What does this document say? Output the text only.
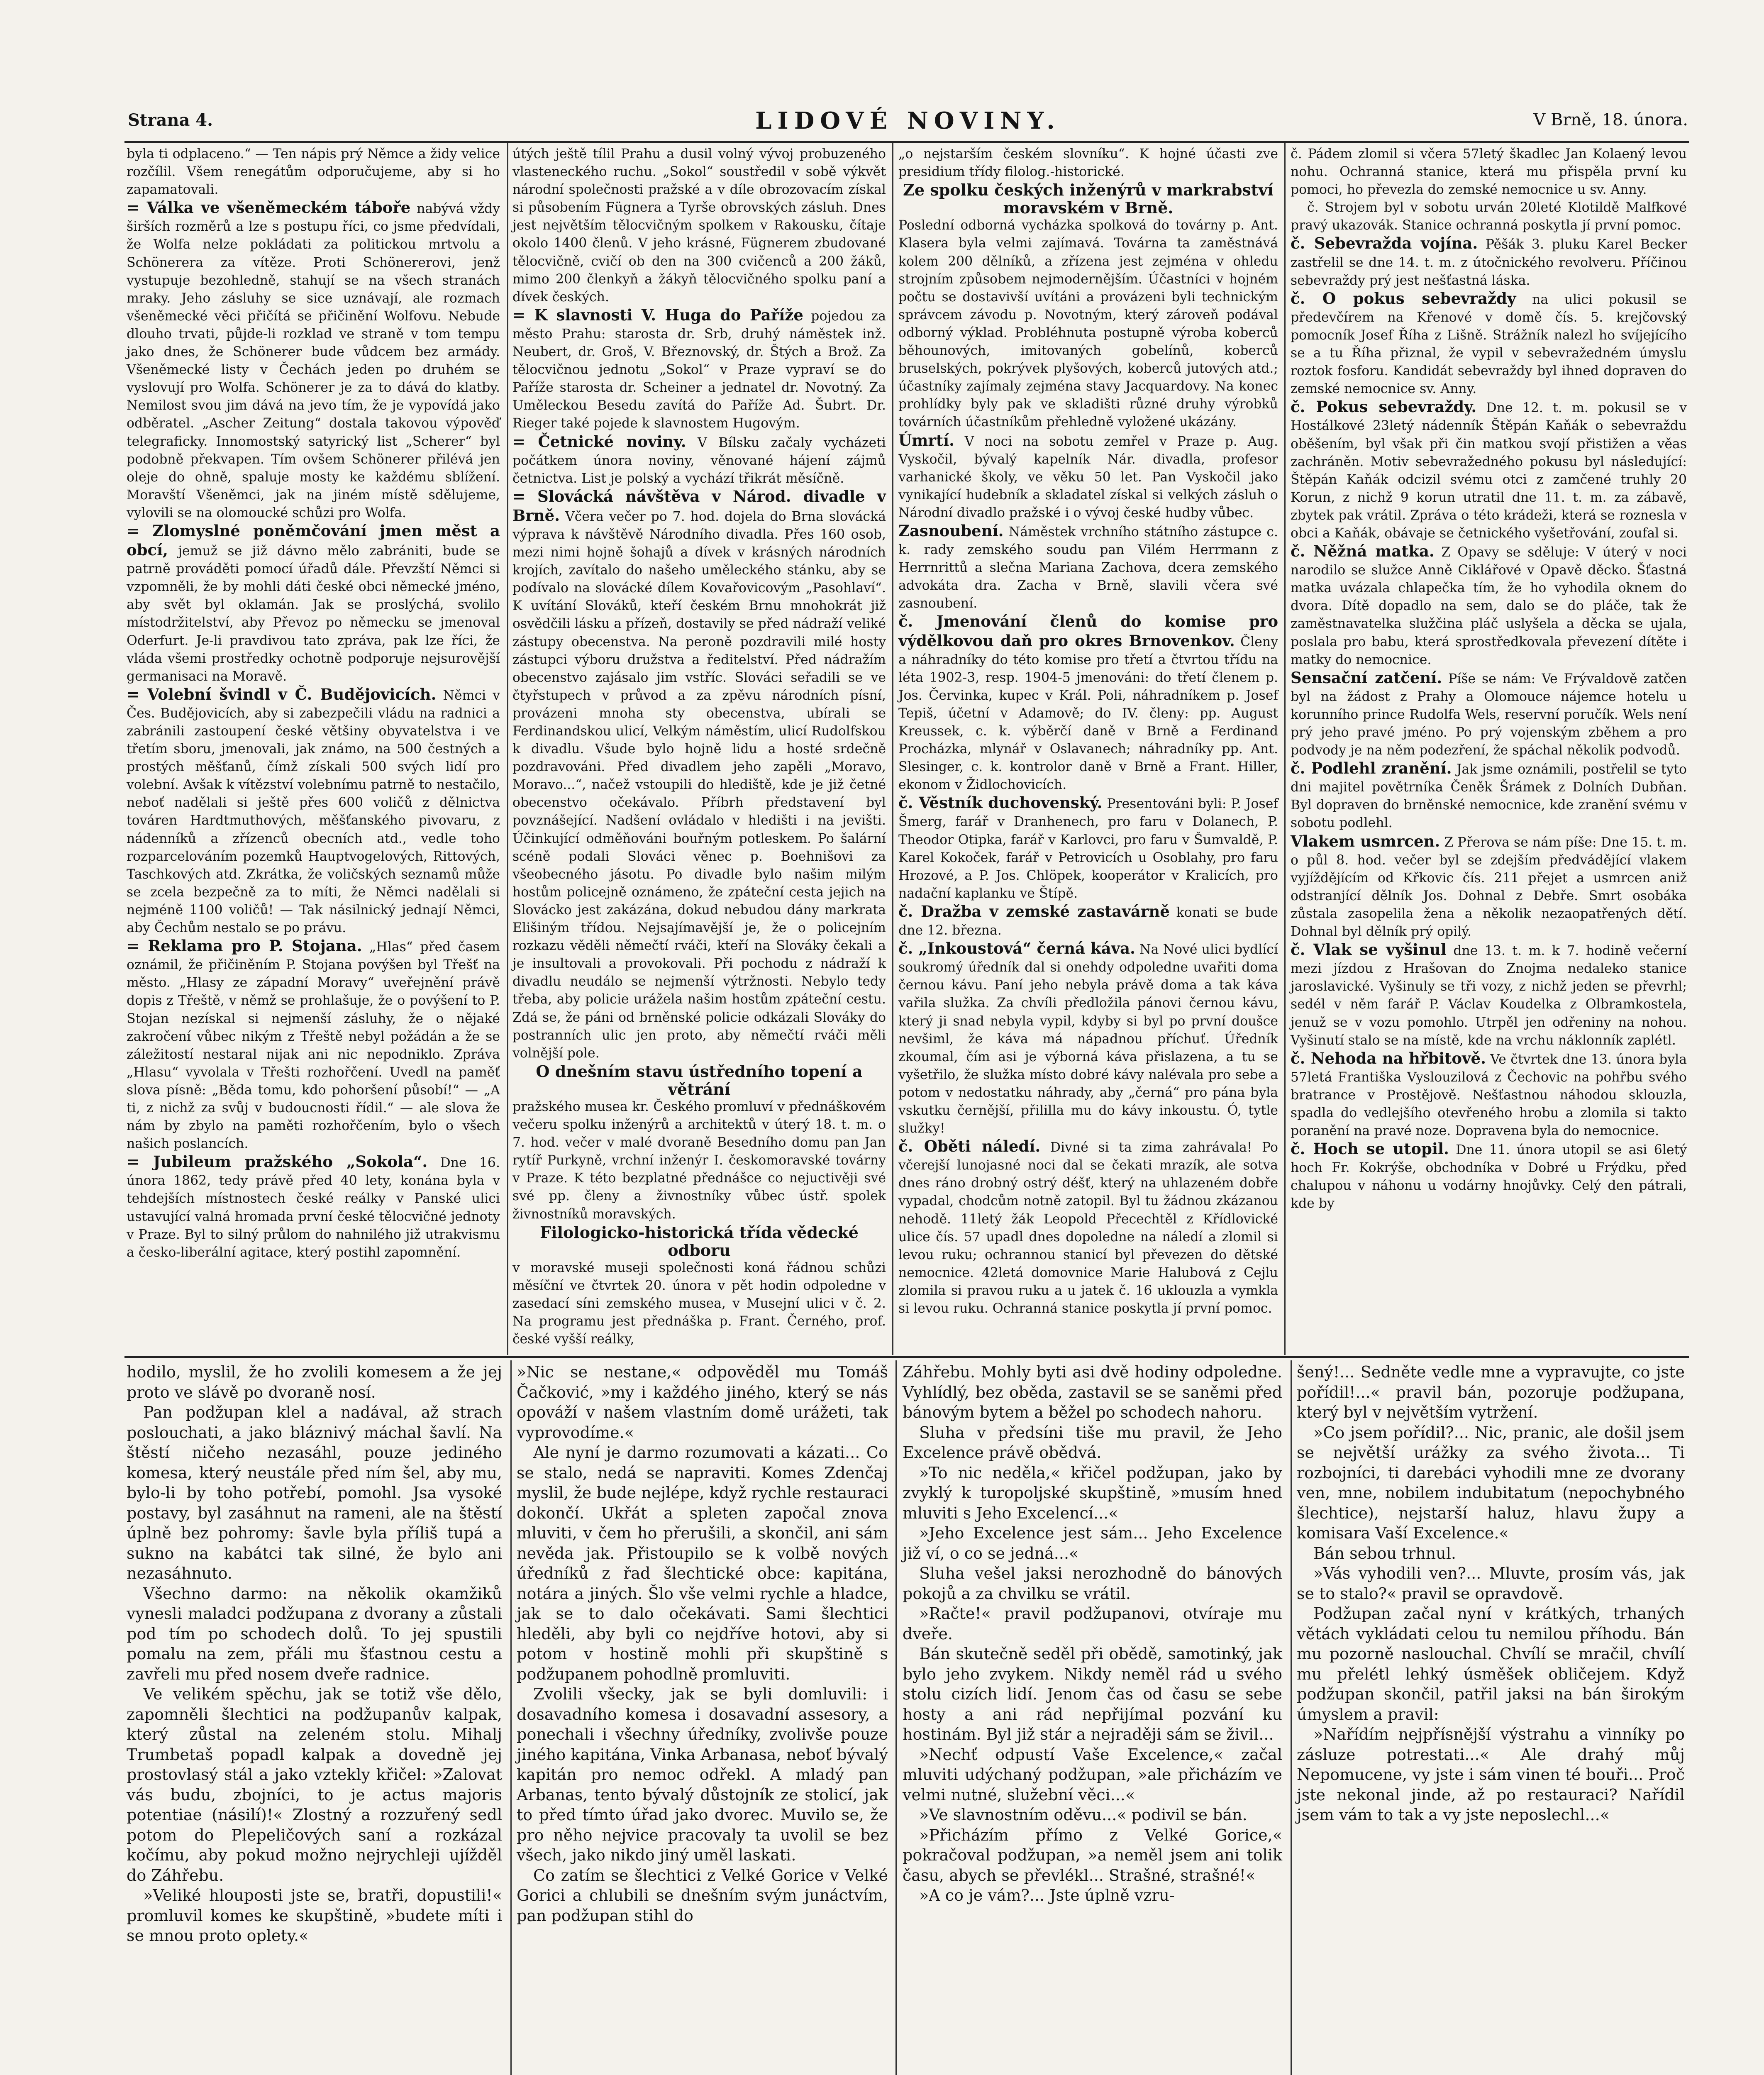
Strana 4.	LIDOVÉ NOVINY.	V Brně, 18. února.

byla ti odplaceno.“ — Ten nápis prý Němce a židy velice rozčílil. Všem renegátům odporučujeme, aby si ho zapamatovali.

= Válka ve všeněmeckém táboře nabývá vždy širších rozměrů a lze s postupu říci, co jsme předvídali, že Wolfa nelze pokládati za politickou mrtvolu a Schönerera za vítěze. Proti Schönererovi, jenž vystupuje bezohledně, stahují se na všech stranách mraky. Jeho zásluhy se sice uznávají, ale rozmach všeněmecké věci přičítá se přičinění Wolfovu. Nebude dlouho trvati, půjde-li rozklad ve straně v tom tempu jako dnes, že Schönerer bude vůdcem bez armády. Všeněmecké listy v Čechách jeden po druhém se vyslovují pro Wolfa. Schönerer je za to dává do klatby. Nemilost svou jim dává na jevo tím, že je vypovídá jako odběratel. „Ascher Zeitung“ dostala takovou výpověď telegraficky. Innomostský satyrický list „Scherer“ byl podobně překvapen. Tím ovšem Schönerer přilévá jen oleje do ohně, spaluje mosty ke každému sblížení. Moravští Všeněmci, jak na jiném místě sdělujeme, vylovili se na olomoucké schůzi pro Wolfa.

= Zlomyslné poněmčování jmen měst a obcí, jemuž se již dávno mělo zabrániti, bude se patrně prováděti pomocí úřadů dále. Převzští Němci si vzpomněli, že by mohli dáti české obci německé jméno, aby svět byl oklamán. Jak se proslýchá, svolilo místodržitelství, aby Převoz po německu se jmenoval Oderfurt. Je-li pravdivou tato zpráva, pak lze říci, že vláda všemi prostředky ochotně podporuje nejsurovější germanisaci na Moravě.

= Volební švindl v Č. Budějovicích. Němci v Čes. Budějovicích, aby si zabezpečili vládu na radnici a zabránili zastoupení české většiny obyvatelstva i ve třetím sboru, jmenovali, jak známo, na 500 čestných a prostých měšťanů, čímž získali 500 svých lidí pro volební. Avšak k vítězství volebnímu patrně to nestačilo, neboť nadělali si ještě přes 600 voličů z dělnictva továren Hardtmuthových, měšťanského pivovaru, z nádenníků a zřízenců obecních atd., vedle toho rozparcelováním pozemků Hauptvogelových, Rittových, Taschkových atd. Zkrátka, že voličských seznamů může se zcela bezpečně za to míti, že Němci nadělali si nejméně 1100 voličů! — Tak násilnický jednají Němci, aby Čechům nestalo se po právu.

= Reklama pro P. Stojana. „Hlas“ před časem oznámil, že přičiněním P. Stojana povýšen byl Třešť na město. „Hlasy ze západní Moravy“ uveřejnění právě dopis z Třeště, v němž se prohlašuje, že o povýšení to P. Stojan nezískal si nejmenší zásluhy, že o nějaké zakročení vůbec nikým z Třeště nebyl požádán a že se záležitostí nestaral nijak ani nic nepodniklo. Zpráva „Hlasu“ vyvolala v Třešti rozhořčení. Uvedl na paměť slova písně: „Běda tomu, kdo pohoršení působí!“ — „A ti, z nichž za svůj v budoucnosti řídil.“ — ale slova že nám by zbylo na paměti rozhořčením, bylo o všech našich poslancích.

= Jubileum pražského „Sokola“. Dne 16. února 1862, tedy právě před 40 lety, konána byla v tehdejších místnostech české reálky v Panské ulici ustavující valná hromada první české tělocvičné jednoty v Praze. Byl to silný průlom do nahnilého již utrakvismu a česko-liberální agitace, který postihl zapomnění.

útých ještě tílil Prahu a dusil volný vývoj probuzeného vlasteneckého ruchu. „Sokol“ soustředil v sobě výkvět národní společnosti pražské a v díle obrozovacím získal si působením Fügnera a Tyrše obrovských zásluh. Dnes jest největším tělocvičným spolkem v Rakousku, čítaje okolo 1400 členů. V jeho krásné, Fügnerem zbudované tělocvičně, cvičí ob den na 300 cvičenců a 200 žáků, mimo 200 členkyň a žákyň tělocvičného spolku paní a dívek českých.

= K slavnosti V. Huga do Paříže pojedou za město Prahu: starosta dr. Srb, druhý náměstek inž. Neubert, dr. Groš, V. Březnovský, dr. Štých a Brož. Za tělocvičnou jednotu „Sokol“ v Praze vypraví se do Paříže starosta dr. Scheiner a jednatel dr. Novotný. Za Uměleckou Besedu zavítá do Paříže Ad. Šubrt. Dr. Rieger také pojede k slavnostem Hugovým.

= Četnické noviny. V Bílsku začaly vycházeti počátkem února noviny, věnované hájení zájmů četnictva. List je polský a vychází třikrát měsíčně.

= Slovácká návštěva v Národ. divadle v Brně. Včera večer po 7. hod. dojela do Brna slovácká výprava k návštěvě Národního divadla. Přes 160 osob, mezi nimi hojně šohajů a dívek v krásných národních krojích, zavítalo do našeho uměleckého stánku, aby se podívalo na slovácké dílem Kovařovicovým „Pasohlaví“. K uvítání Slováků, kteří českém Brnu mnohokrát již osvědčili lásku a přízeň, dostavily se před nádraží veliké zástupy obecenstva. Na peroně pozdravili milé hosty zástupci výboru družstva a ředitelství. Před nádražím obecenstvo zajásalo jim vstříc. Slováci seřadili se ve čtyřstupech v průvod a za zpěvu národních písní, provázeni mnoha sty obecenstva, ubírali se Ferdinandskou ulicí, Velkým náměstím, ulicí Rudolfskou k divadlu. Všude bylo hojně lidu a hosté srdečně pozdravováni. Před divadlem jeho zapěli „Moravo, Moravo...“, načež vstoupili do hlediště, kde je již četné obecenstvo očekávalo. Příbrh představení byl povznášející. Nadšení ovládalo v hledišti i na jevišti. Účinkující odměňováni bouřným potleskem. Po šalární scéně podali Slováci věnec p. Boehnišovi za všeobecného jásotu. Po divadle bylo našim milým hostům policejně oznámeno, že zpáteční cesta jejich na Slovácko jest zakázána, dokud nebudou dány markrata Elišiným třídou. Nejsajímavější je, že o policejním rozkazu věděli němečtí rváči, kteří na Slováky čekali a je insultovali a provokovali. Při pochodu z nádraží k divadlu neudálo se nejmenší výtržnosti. Nebylo tedy třeba, aby policie urážela našim hostům zpáteční cestu. Zdá se, že páni od brněnské policie odkázali Slováky do postranních ulic jen proto, aby němečtí rváči měli volnější pole.

O dnešním stavu ústředního topení a větrání

pražského musea kr. Českého promluví v přednáškovém večeru spolku inženýrů a architektů v úterý 18. t. m. o 7. hod. večer v malé dvoraně Besedního domu pan Jan rytíř Purkyně, vrchní inženýr I. českomoravské továrny v Praze. K této bezplatné přednášce co nejuctivěji své své pp. členy a živnostníky vůbec ústř. spolek živnostníků moravských.

Filologicko-historická třída vědecké odboru

v moravské museji společnosti koná řádnou schůzi měsíční ve čtvrtek 20. února v pět hodin odpoledne v zasedací síni zemského musea, v Musejní ulici v č. 2. Na programu jest přednáška p. Frant. Černého, prof. české vyšší reálky,

„o nejstarším českém slovníku“. K hojné účasti zve presidium třídy filolog.-historické.

Ze spolku českých inženýrů v markrabství moravském v Brně.

Poslední odborná vycházka spolková do továrny p. Ant. Klasera byla velmi zajímavá. Továrna ta zaměstnává kolem 200 dělníků, a zřízena jest zejména v ohledu strojním způsobem nejmodernějším. Účastníci v hojném počtu se dostavivší uvítáni a provázeni byli technickým správcem závodu p. Novotným, který zároveň podával odborný výklad. Probléhnuta postupně výroba koberců běhounových, imitovaných gobelínů, koberců bruselských, pokrývek plyšových, koberců jutových atd.; účastníky zajímaly zejména stavy Jacquardovy. Na konec prohlídky byly pak ve skladišti různé druhy výrobků továrních účastníkům přehledně vyložené ukázány.

Úmrtí. V noci na sobotu zemřel v Praze p. Aug. Vyskočil, bývalý kapelník Nár. divadla, profesor varhanické školy, ve věku 50 let. Pan Vyskočil jako vynikající hudebník a skladatel získal si velkých zásluh o Národní divadlo pražské i o vývoj české hudby vůbec.

Zasnoubení. Náměstek vrchního státního zástupce c. k. rady zemského soudu pan Vilém Herrmann z Herrnrittů a slečna Mariana Zachova, dcera zemského advokáta dra. Zacha v Brně, slavili včera své zasnoubení.

č. Jmenování členů do komise pro výdělkovou daň pro okres Brnovenkov. Členy a náhradníky do této komise pro třetí a čtvrtou třídu na léta 1902-3, resp. 1904-5 jmenováni: do třetí členem p. Jos. Červinka, kupec v Král. Poli, náhradníkem p. Josef Tepiš, účetní v Adamově; do IV. členy: pp. August Kreussek, c. k. výběrčí daně v Brně a Ferdinand Procházka, mlynář v Oslavanech; náhradníky pp. Ant. Slesinger, c. k. kontrolor daně v Brně a Frant. Hiller, ekonom v Židlochovicích.

č. Věstník duchovenský. Presentováni byli: P. Josef Šmerg, farář v Dranhenech, pro faru v Dolanech, P. Theodor Otipka, farář v Karlovci, pro faru v Šumvaldě, P. Karel Kokoček, farář v Petrovicích u Osoblahy, pro faru Hrozové, a P. Jos. Chlöpek, kooperátor v Kralicích, pro nadační kaplanku ve Štípě.

č. Dražba v zemské zastavárně konati se bude dne 12. března.

č. „Inkoustová“ černá káva. Na Nové ulici bydlící soukromý úředník dal si onehdy odpoledne uvařiti doma černou kávu. Paní jeho nebyla právě doma a tak káva vařila služka. Za chvíli předložila pánovi černou kávu, který ji snad nebyla vypil, kdyby si byl po první doušce nevšiml, že káva má nápadnou příchuť. Úředník zkoumal, čím asi je výborná káva přislazena, a tu se vyšetřilo, že služka místo dobré kávy nalévala pro sebe a potom v nedostatku náhrady, aby „černá“ pro pána byla vskutku černější, přililla mu do kávy inkoustu. Ó, tytle služky!

č. Oběti náledí. Divné si ta zima zahrávala! Po včerejší lunojasné noci dal se čekati mrazík, ale sotva dnes ráno drobný ostrý déšť, který na uhlazeném dobře vypadal, chodcům notně zatopil. Byl tu žádnou zkázanou nehodě. 11letý žák Leopold Přecechtěl z Křídlovické ulice čís. 57 upadl dnes dopoledne na náledí a zlomil si levou ruku; ochrannou stanicí byl převezen do dětské nemocnice. 42letá domovnice Marie Halubová z Cejlu zlomila si pravou ruku a u jatek č. 16 uklouzla a vymkla si levou ruku. Ochranná stanice poskytla jí první pomoc.

č. Pádem zlomil si včera 57letý škadlec Jan Kolaený levou nohu. Ochranná stanice, která mu přispěla první ku pomoci, ho převezla do zemské nemocnice u sv. Anny.

č. Strojem byl v sobotu urván 20leté Klotildě Malfkové pravý ukazovák. Stanice ochranná poskytla jí první pomoc.

č. Sebevražda vojína. Pěšák 3. pluku Karel Becker zastřelil se dne 14. t. m. z útočnického revolveru. Příčinou sebevraždy prý jest nešťastná láska.

č. O pokus sebevraždy na ulici pokusil se předevčírem na Křenové v domě čís. 5. krejčovský pomocník Josef Říha z Lišně. Strážník nalezl ho svíjejícího se a tu Říha přiznal, že vypil v sebevražedném úmyslu roztok fosforu. Kandidát sebevraždy byl ihned dopraven do zemské nemocnice sv. Anny.

č. Pokus sebevraždy. Dne 12. t. m. pokusil se v Hostálkové 23letý nádenník Štěpán Kaňák o sebevraždu oběšením, byl však při čin matkou svojí přistižen a věas zachráněn. Motiv sebevražedného pokusu byl následující: Štěpán Kaňák odcizil svému otci z zamčené truhly 20 Korun, z nichž 9 korun utratil dne 11. t. m. za zábavě, zbytek pak vrátil. Zpráva o této krádeži, která se roznesla v obci a Kaňák, obávaje se četnického vyšetřování, zoufal si.

č. Něžná matka. Z Opavy se sděluje: V úterý v noci narodilo se služce Anně Ciklářové v Opavě děcko. Šťastná matka uvázala chlapečka tím, že ho vyhodila oknem do dvora. Dítě dopadlo na sem, dalo se do pláče, tak že zaměstnavatelka služčina pláč uslyšela a děcka se ujala, poslala pro babu, která sprostředkovala převezení dítěte i matky do nemocnice.

Sensační zatčení. Píše se nám: Ve Frývaldově zatčen byl na žádost z Prahy a Olomouce nájemce hotelu u korunního prince Rudolfa Wels, reservní poručík. Wels není prý jeho pravé jméno. Po prý vojenským zběhem a pro podvody je na něm podezření, že spáchal několik podvodů.

č. Podlehl zranění. Jak jsme oznámili, postřelil se tyto dni majitel povětrníka Čeněk Šrámek z Dolních Dubňan. Byl dopraven do brněnské nemocnice, kde zranění svému v sobotu podlehl.

Vlakem usmrcen. Z Přerova se nám píše: Dne 15. t. m. o půl 8. hod. večer byl se zdejším předvádějící vlakem vyjíždějícím od Křkovic čís. 211 přejet a usmrcen aniž odstranjící dělník Jos. Dohnal z Debře. Smrt osobáka zůstala zasopelila žena a několik nezaopatřených dětí. Dohnal byl dělník prý opilý.

č. Vlak se vyšinul dne 13. t. m. k 7. hodině večerní mezi jízdou z Hrašovan do Znojma nedaleko stanice jaroslavické. Vyšinuly se tři vozy, z nichž jeden se převrhl; sedél v něm farář P. Václav Koudelka z Olbramkostela, jenuž se v vozu pomohlo. Utrpěl jen odřeniny na nohou. Vyšinutí stalo se na místě, kde na vrchu náklonník zaplétl.

č. Nehoda na hřbitově. Ve čtvrtek dne 13. února byla 57letá Františka Vyslouzilová z Čechovic na pohřbu svého bratrance v Prostějově. Nešťastnou náhodou sklouzla, spadla do vedlejšího otevřeného hrobu a zlomila si takto poranění na pravé noze. Dopravena byla do nemocnice.

č. Hoch se utopil. Dne 11. února utopil se asi 6letý hoch Fr. Kokrýše, obchodníka v Dobré u Frýdku, před chalupou v náhonu u vodárny hnojůvky. Celý den pátrali, kde by

hodilo, myslil, že ho zvolili komesem a že jej proto ve slávě po dvoraně nosí.

Pan podžupan klel a nadával, až strach poslouchati, a jako bláznivý máchal šavlí. Na štěstí ničeho nezasáhl, pouze jediného komesa, který neustále před ním šel, aby mu, bylo-li by toho potřebí, pomohl. Jsa vysoké postavy, byl zasáhnut na rameni, ale na štěstí úplně bez pohromy: šavle byla příliš tupá a sukno na kabátci tak silné, že bylo ani nezasáhnuto.

Všechno darmo: na několik okamžiků vynesli maladci podžupana z dvorany a zůstali pod tím po schodech dolů. To jej spustili pomalu na zem, přáli mu šťastnou cestu a zavřeli mu před nosem dveře radnice.

Ve velikém spěchu, jak se totiž vše dělo, zapomněli šlechtici na podžupanův kalpak, který zůstal na zeleném stolu. Mihalj Trumbetaš popadl kalpak a dovedně jej prostovlasý stál a jako vztekly křičel: »Zalovat vás budu, zbojníci, to je actus majoris potentiae (násilí)!« Zlostný a rozzuřený sedl potom do Plepeličových saní a rozkázal kočímu, aby pokud možno nejrychleji ujížděl do Záhřebu.

»Veliké hlouposti jste se, bratři, dopustili!« promluvil komes ke skupštině, »budete míti i se mnou proto oplety.«

»Nic se nestane,« odpověděl mu Tomáš Čačković, »my i každého jiného, který se nás opováží v našem vlastním domě urážeti, tak vyprovodíme.«

Ale nyní je darmo rozumovati a kázati... Co se stalo, nedá se napraviti. Komes Zdenčaj myslil, že bude nejlépe, když rychle restauraci dokončí. Ukřát a spleten započal znova mluviti, v čem ho přerušili, a skončil, ani sám nevěda jak. Přistoupilo se k volbě nových úředníků z řad šlechtické obce: kapitána, notára a jiných. Šlo vše velmi rychle a hladce, jak se to dalo očekávati. Sami šlechtici hleděli, aby byli co nejdříve hotovi, aby si potom v hostině mohli při skupštině s podžupanem pohodlně promluviti.

Zvolili všecky, jak se byli domluvili: i dosavadního komesa i dosavadní assesory, a ponechali i všechny úředníky, zvolivše pouze jiného kapitána, Vinka Arbanasa, neboť bývalý kapitán pro nemoc odřekl. A mladý pan Arbanas, tento bývalý důstojník ze stolicí, jak to před tímto úřad jako dvorec. Muvilo se, že pro něho nejvice pracovaly ta uvolil se bez všech, jako nikdo jiný uměl laskati.

Co zatím se šlechtici z Velké Gorice v Velké Gorici a chlubili se dnešním svým junáctvím, pan podžupan stihl do

Záhřebu. Mohly byti asi dvě hodiny odpoledne. Vyhlídlý, bez oběda, zastavil se se saněmi před bánovým bytem a běžel po schodech nahoru.

Sluha v předsíni tiše mu pravil, že Jeho Excelence právě obědvá.

»To nic neděla,« křičel podžupan, jako by zvyklý k turopoljské skupštině, »musím hned mluviti s Jeho Excelencí...«

»Jeho Excelence jest sám... Jeho Excelence již ví, o co se jedná...«

Sluha vešel jaksi nerozhodně do bánových pokojů a za chvilku se vrátil.

»Račte!« pravil podžupanovi, otvíraje mu dveře.

Bán skutečně seděl při obědě, samotinký, jak bylo jeho zvykem. Nikdy neměl rád u svého stolu cizích lidí. Jenom čas od času se sebe hosty a ani rád nepřijímal pozvání ku hostinám. Byl již stár a nejraději sám se živil...

»Nechť odpustí Vaše Excelence,« začal mluviti udýchaný podžupan, »ale přicházím ve velmi nutné, služební věci...«

»Ve slavnostním oděvu...« podivil se bán.

»Přicházím přímo z Velké Gorice,« pokračoval podžupan, »a neměl jsem ani tolik času, abych se převlékl... Strašné, strašné!«

»A co je vám?... Jste úplně vzru-

šený!... Sedněte vedle mne a vypravujte, co jste pořídil!...« pravil bán, pozoruje podžupana, který byl v největším vytržení.

»Co jsem pořídil?... Nic, pranic, ale došil jsem se největší urážky za svého života... Ti rozbojníci, ti darebáci vyhodili mne ze dvorany ven, mne, nobilem indubitatum (nepochybného šlechtice), nejstarší haluz, hlavu župy a komisara Vaší Excelence.«

Bán sebou trhnul.

»Vás vyhodili ven?... Mluvte, prosím vás, jak se to stalo?« pravil se opravdově.

Podžupan začal nyní v krátkých, trhaných větách vykládati celou tu nemilou příhodu. Bán mu pozorně naslouchal. Chvílí se mračil, chvílí mu přelétl lehký úsměšek obličejem. Když podžupan skončil, patřil jaksi na bán širokým úmyslem a pravil:

»Nařídím nejpřísnější výstrahu a vinníky po zásluze potrestati...« Ale drahý můj Nepomucene, vy jste i sám vinen té bouři... Proč jste nekonal jinde, až po restauraci? Nařídil jsem vám to tak a vy jste neposlechl...«
